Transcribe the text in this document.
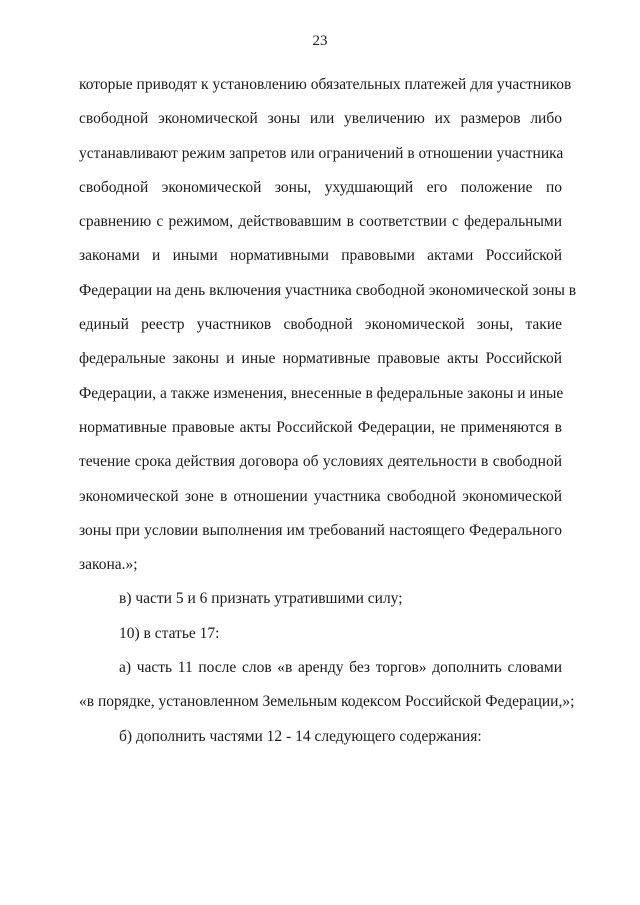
23
которые приводят к установлению обязательных платежей для участников
свободной экономической зоны или увеличению их размеров либо
устанавливают режим запретов или ограничений в отношении участника
свободной экономической зоны, ухудшающий его положение по
сравнению с режимом, действовавшим в соответствии с федеральными
законами и иными нормативными правовыми актами Российской
Федерации на день включения участника свободной экономической зоны в
единый реестр участников свободной экономической зоны, такие
федеральные законы и иные нормативные правовые акты Российской
Федерации, а также изменения, внесенные в федеральные законы и иные
нормативные правовые акты Российской Федерации, не применяются в
течение срока действия договора об условиях деятельности в свободной
экономической зоне в отношении участника свободной экономической
зоны при условии выполнения им требований настоящего Федерального
закона.»;
в) части 5 и 6 признать утратившими силу;
10) в статье 17:
а) часть 11 после слов «в аренду без торгов» дополнить словами
«в порядке, установленном Земельным кодексом Российской Федерации,»;
б) дополнить частями 12 - 14 следующего содержания:
